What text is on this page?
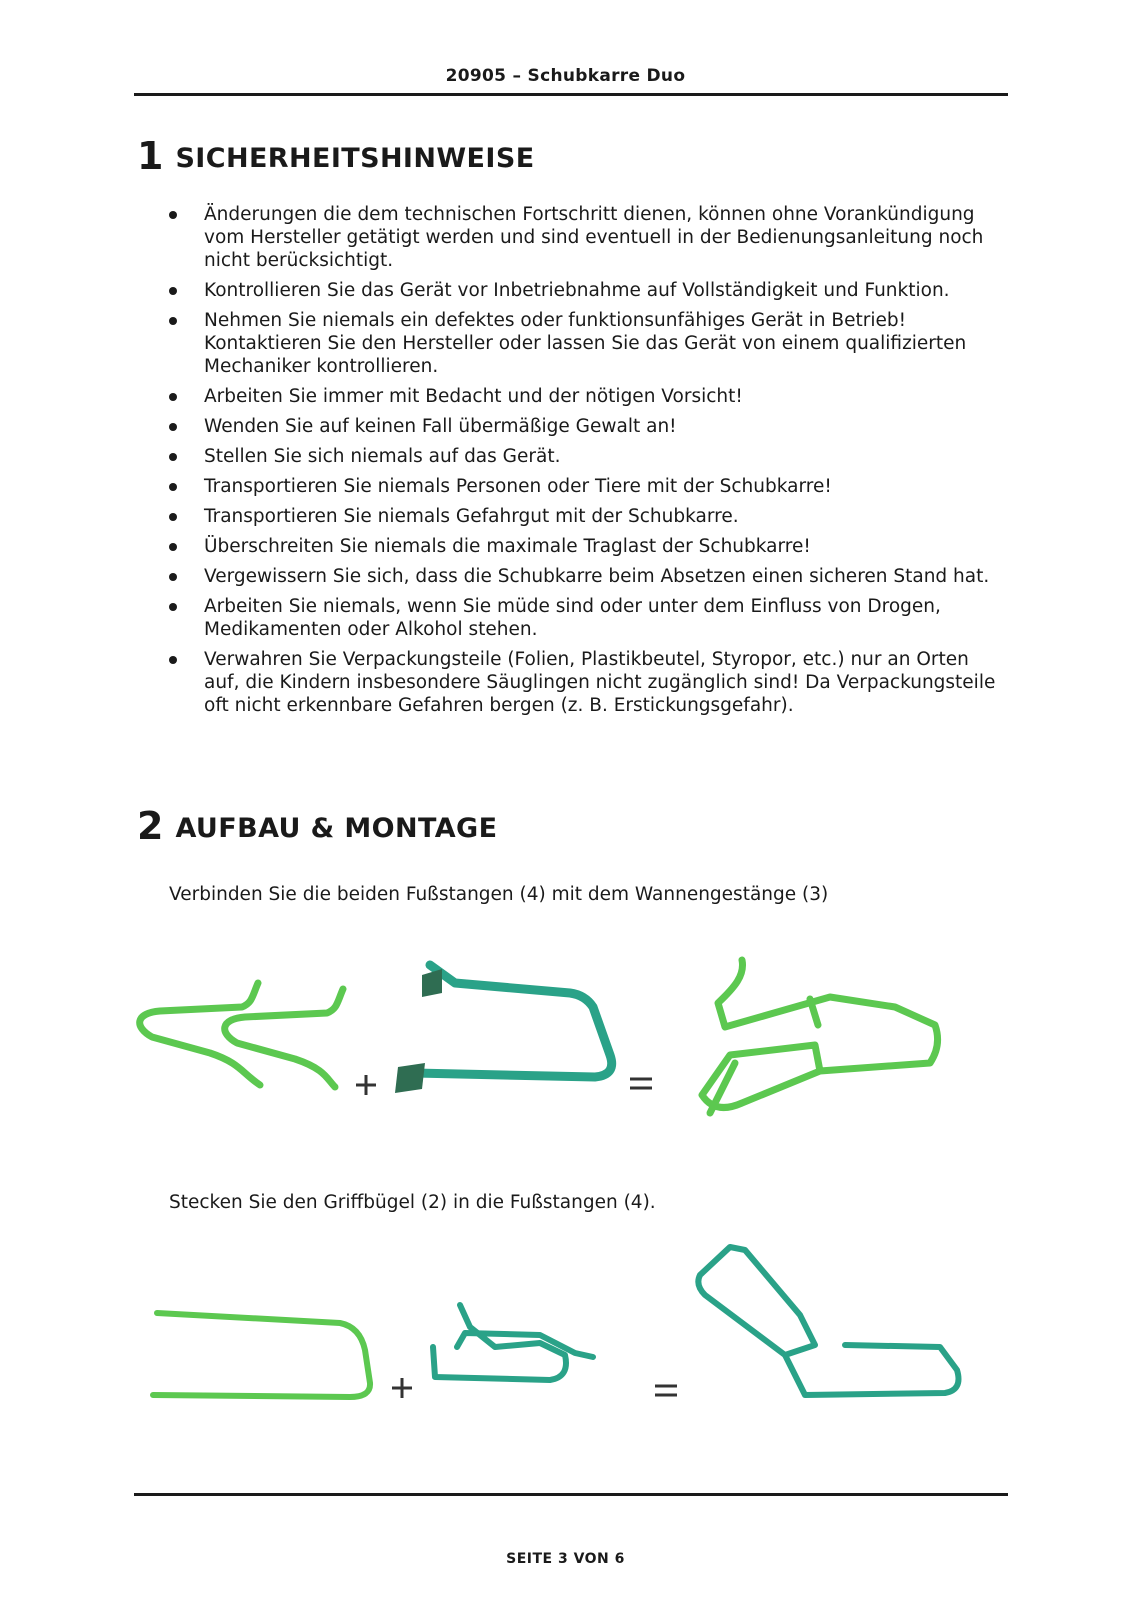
20905 – Schubkarre Duo
1 SICHERHEITSHINWEISE
Änderungen die dem technischen Fortschritt dienen, können ohne Vorankündigung vom Hersteller getätigt werden und sind eventuell in der Bedienungsanleitung noch nicht berücksichtigt.
Kontrollieren Sie das Gerät vor Inbetriebnahme auf Vollständigkeit und Funktion.
Nehmen Sie niemals ein defektes oder funktionsunfähiges Gerät in Betrieb! Kontaktieren Sie den Hersteller oder lassen Sie das Gerät von einem qualifizierten Mechaniker kontrollieren.
Arbeiten Sie immer mit Bedacht und der nötigen Vorsicht!
Wenden Sie auf keinen Fall übermäßige Gewalt an!
Stellen Sie sich niemals auf das Gerät.
Transportieren Sie niemals Personen oder Tiere mit der Schubkarre!
Transportieren Sie niemals Gefahrgut mit der Schubkarre.
Überschreiten Sie niemals die maximale Traglast der Schubkarre!
Vergewissern Sie sich, dass die Schubkarre beim Absetzen einen sicheren Stand hat.
Arbeiten Sie niemals, wenn Sie müde sind oder unter dem Einfluss von Drogen, Medikamenten oder Alkohol stehen.
Verwahren Sie Verpackungsteile (Folien, Plastikbeutel, Styropor, etc.) nur an Orten auf, die Kindern insbesondere Säuglingen nicht zugänglich sind! Da Verpackungsteile oft nicht erkennbare Gefahren bergen (z. B. Erstickungsgefahr).
2 AUFBAU & MONTAGE

Verbinden Sie die beiden Fußstangen (4) mit dem Wannengestänge (3)

Stecken Sie den Griffbügel (2) in die Fußstangen (4).

SEITE 3 VON 6
